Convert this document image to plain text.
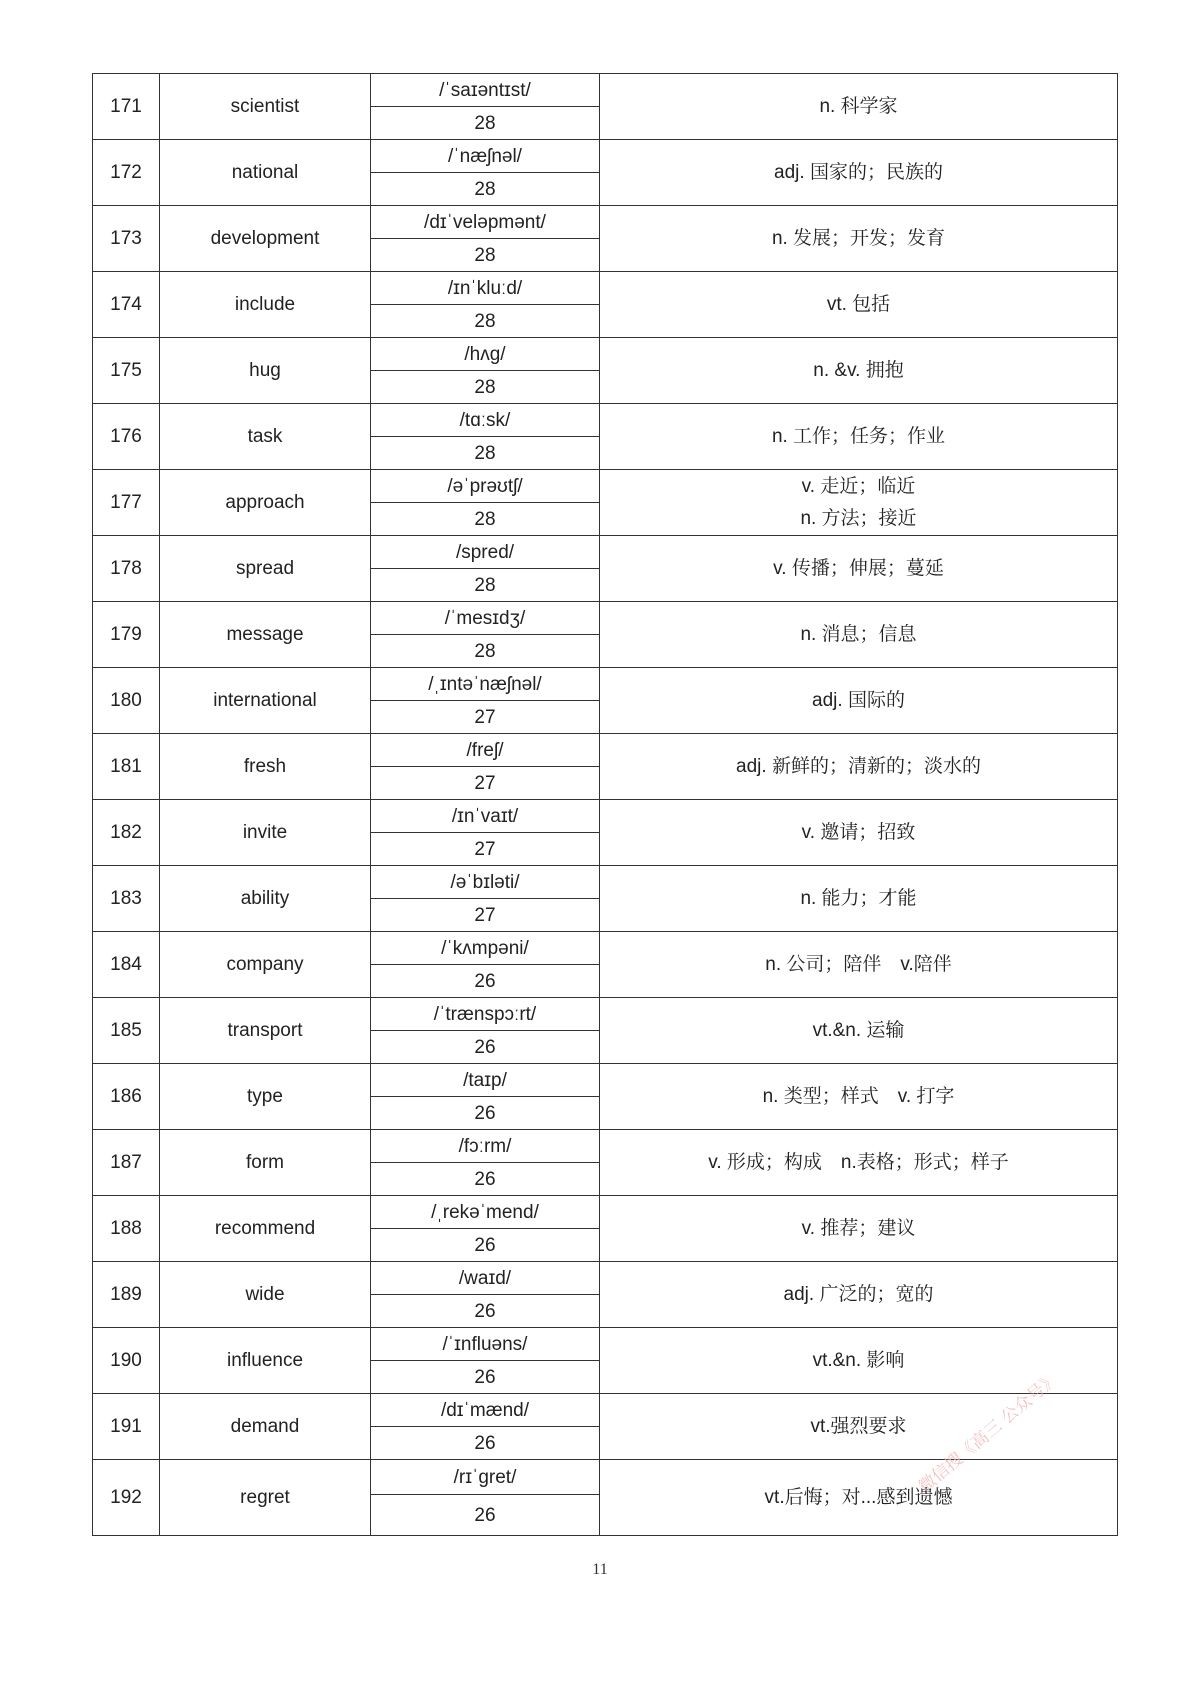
171	scientist	/ˈsaɪəntɪst/	n. 科学家

		28	
172	national	/ˈnæʃnəl/	adj. 国家的；民族的

		28	
173	development	/dɪˈveləpmənt/	n. 发展；开发；发育

		28	
174	include	/ɪnˈkluːd/	vt. 包括

		28	
175	hug	/hʌg/	n. &v. 拥抱

		28	
176	task	/tɑːsk/	n. 工作；任务；作业

		28	
177	approach	/əˈprəʊtʃ/	v. 走近；临近
n. 方法；接近

		28	
178	spread	/spred/	v. 传播；伸展；蔓延

		28	
179	message	/ˈmesɪdʒ/	n. 消息；信息

		28	
180	international	/ˌɪntəˈnæʃnəl/	adj. 国际的

		27	
181	fresh	/freʃ/	adj. 新鲜的；清新的；淡水的

		27	
182	invite	/ɪnˈvaɪt/	v. 邀请；招致

		27	
183	ability	/əˈbɪləti/	n. 能力；才能

		27	
184	company	/ˈkʌmpəni/	n. 公司；陪伴　v.陪伴

		26	
185	transport	/ˈtrænspɔːrt/	vt.&n. 运输

		26	
186	type	/taɪp/	n. 类型；样式　v. 打字

		26	
187	form	/fɔːrm/	v. 形成；构成　n.表格；形式；样子

		26	
188	recommend	/ˌrekəˈmend/	v. 推荐；建议

		26	
189	wide	/waɪd/	adj. 广泛的；宽的

		26	
190	influence	/ˈɪnfluəns/	vt.&n. 影响

		26	
191	demand	/dɪˈmænd/	vt.强烈要求

		26	
192	regret	/rɪˈgret/	vt.后悔；对...感到遗憾

		26	
11
微信搜《高三 公众号》
